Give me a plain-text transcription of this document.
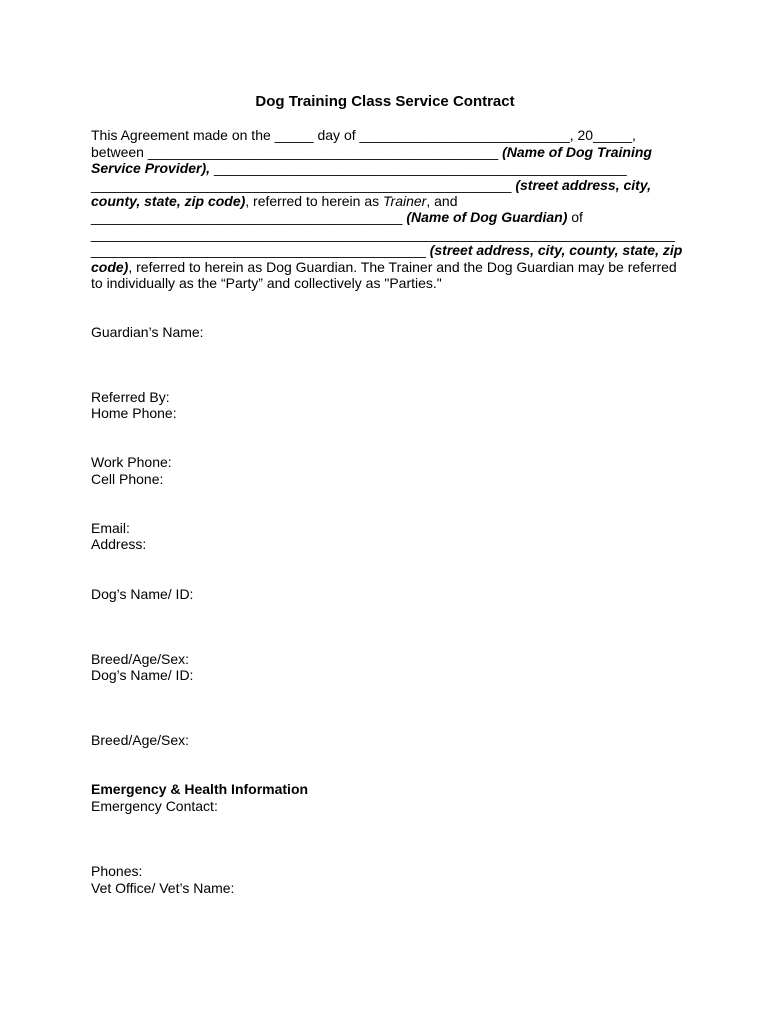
Dog Training Class Service Contract
This Agreement made on the _____ day of ___________________________, 20_____,
between _____________________________________________ (Name of Dog Training
Service Provider), _____________________________________________________
______________________________________________________ (street address, city,
county, state, zip code), referred to herein as Trainer, and
________________________________________ (Name of Dog Guardian) of
___________________________________________________________________________
___________________________________________ (street address, city, county, state, zip
code), referred to herein as Dog Guardian. The Trainer and the Dog Guardian may be referred
to individually as the “Party” and collectively as "Parties."
Guardian’s Name:
Referred By:
Home Phone:
Work Phone:
Cell Phone:
Email:
Address:
Dog’s Name/ ID:
Breed/Age/Sex:
Dog’s Name/ ID:
Breed/Age/Sex:
Emergency & Health Information
Emergency Contact:
Phones:
Vet Office/ Vet’s Name:
